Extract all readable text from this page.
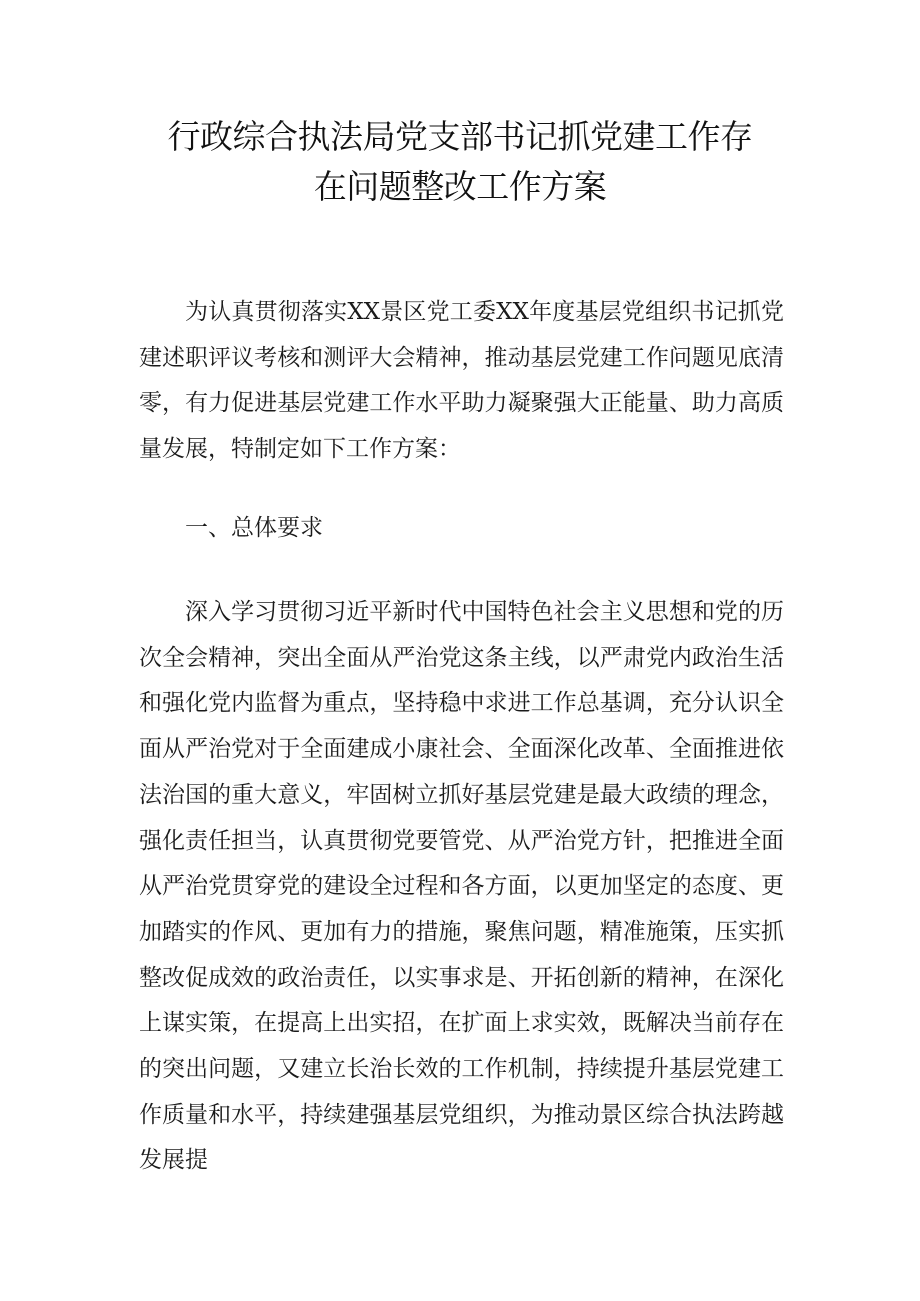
行政综合执法局党支部书记抓党建工作存
在问题整改工作方案

为认真贯彻落实XX景区党工委XX年度基层党组织书记抓党建述职评议考核和测评大会精神，推动基层党建工作问题见底清零，有力促进基层党建工作水平助力凝聚强大正能量、助力高质量发展，特制定如下工作方案：

一、总体要求

深入学习贯彻习近平新时代中国特色社会主义思想和党的历次全会精神，突出全面从严治党这条主线，以严肃党内政治生活和强化党内监督为重点，坚持稳中求进工作总基调，充分认识全面从严治党对于全面建成小康社会、全面深化改革、全面推进依法治国的重大意义，牢固树立抓好基层党建是最大政绩的理念，强化责任担当，认真贯彻党要管党、从严治党方针，把推进全面从严治党贯穿党的建设全过程和各方面，以更加坚定的态度、更加踏实的作风、更加有力的措施，聚焦问题，精准施策，压实抓整改促成效的政治责任，以实事求是、开拓创新的精神，在深化上谋实策，在提高上出实招，在扩面上求实效，既解决当前存在的突出问题，又建立长治长效的工作机制，持续提升基层党建工作质量和水平，持续建强基层党组织，为推动景区综合执法跨越发展提
